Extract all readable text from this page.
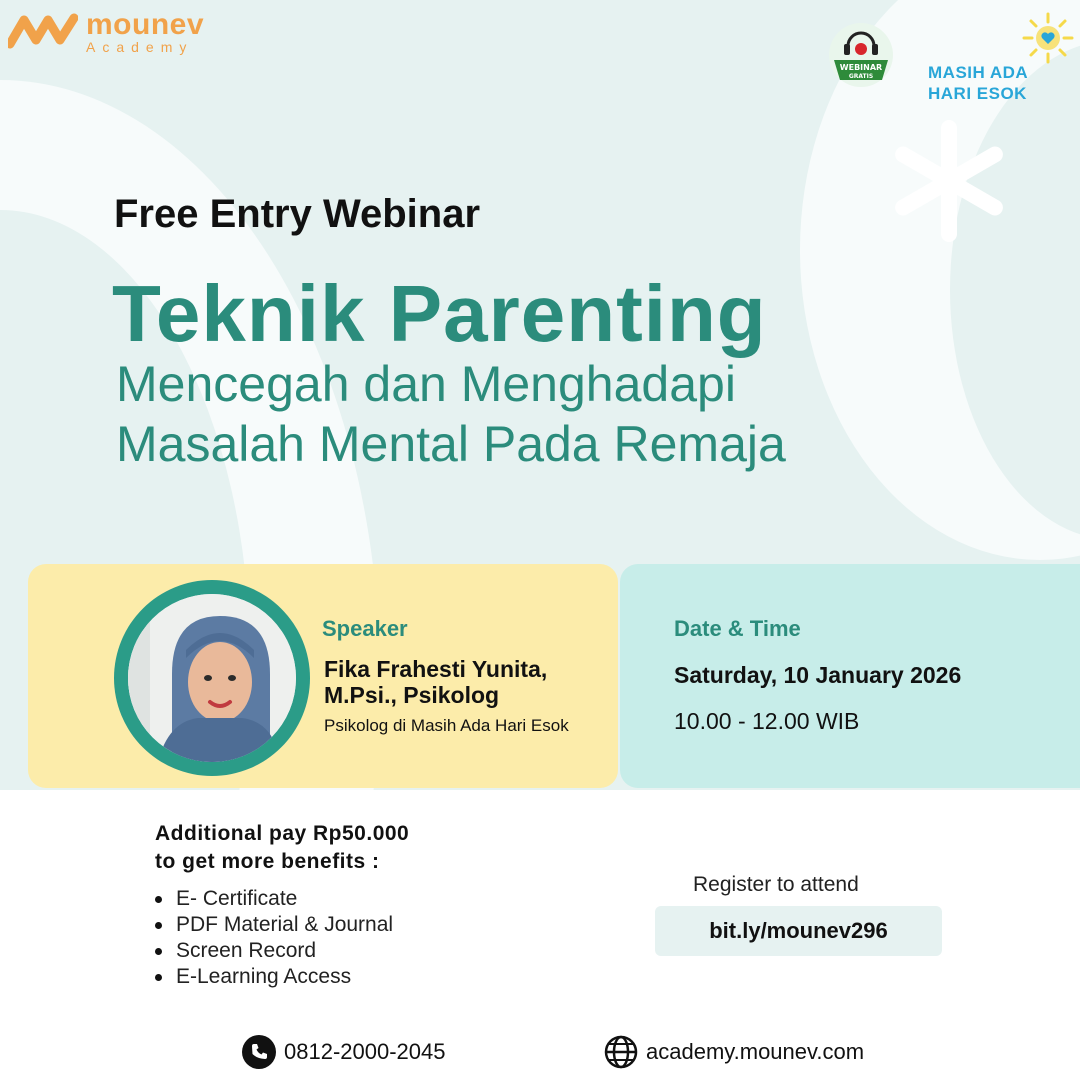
mounev
Academy
WEBINAR
GRATIS	MASIH ADA
HARI ESOK
Free Entry Webinar
Teknik Parenting
Mencegah dan Menghadapi
Masalah Mental Pada Remaja
Speaker
Fika Frahesti Yunita, M.Psi., Psikolog
Psikolog di Masih Ada Hari Esok
Date & Time
Saturday, 10 January 2026
10.00 - 12.00 WIB
Additional pay Rp50.000
to get more benefits :
E- Certificate
PDF Material & Journal
Screen Record
E-Learning Access
Register to attend
bit.ly/mounev296
0812-2000-2045	academy.mounev.com
